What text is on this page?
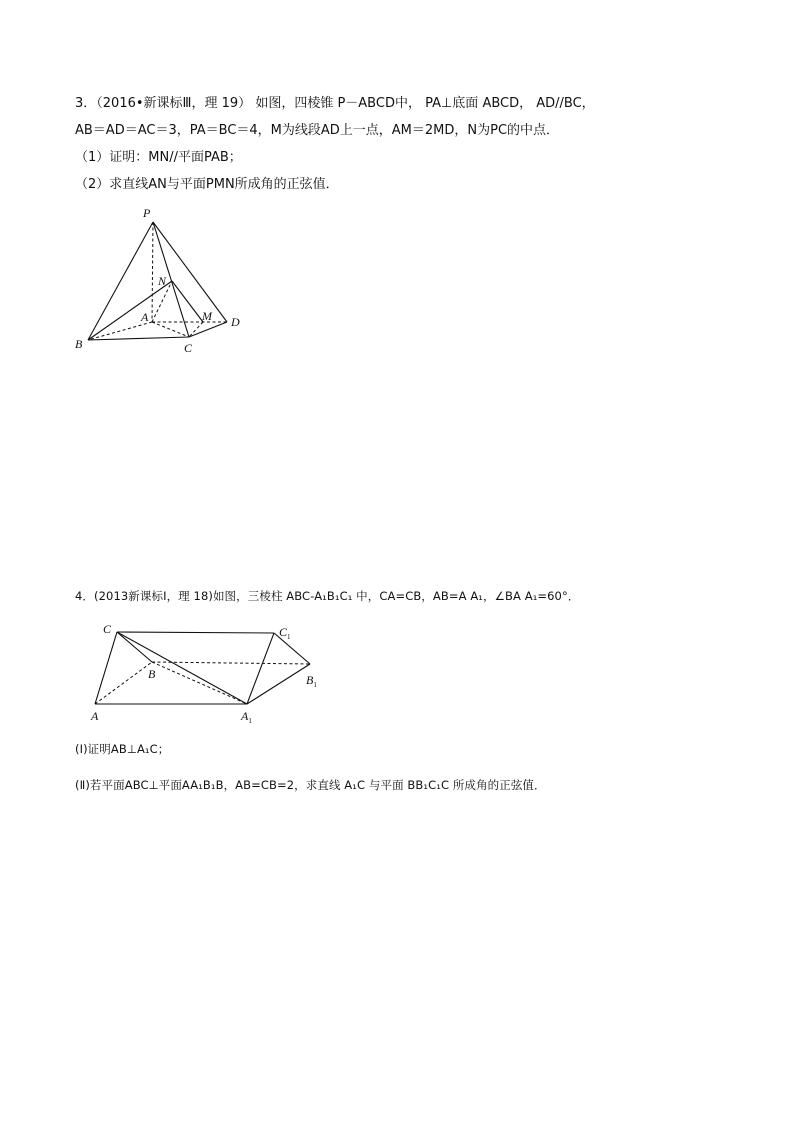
3．（2016•新课标Ⅲ，理 19） 如图，四棱锥 P－ABCD中， PA⊥底面 ABCD， AD//BC，
AB＝AD＝AC＝3，PA＝BC＝4，M为线段AD上一点，AM＝2MD，N为PC的中点．
（1）证明：MN//平面PAB；
（2）求直线AN与平面PMN所成角的正弦值．
P
N
A	M D
B	C
4．(2013新课标Ⅰ，理 18)如图，三棱柱 ABC-A₁B₁C₁ 中，CA=CB，AB=A A₁，∠BA A₁=60°．
C	$C_1$
B	$B_1$
A	$A_1$
(Ⅰ)证明AB⊥A₁C；
(Ⅱ)若平面ABC⊥平面AA₁B₁B，AB=CB=2，求直线 A₁C 与平面 BB₁C₁C 所成角的正弦值．
